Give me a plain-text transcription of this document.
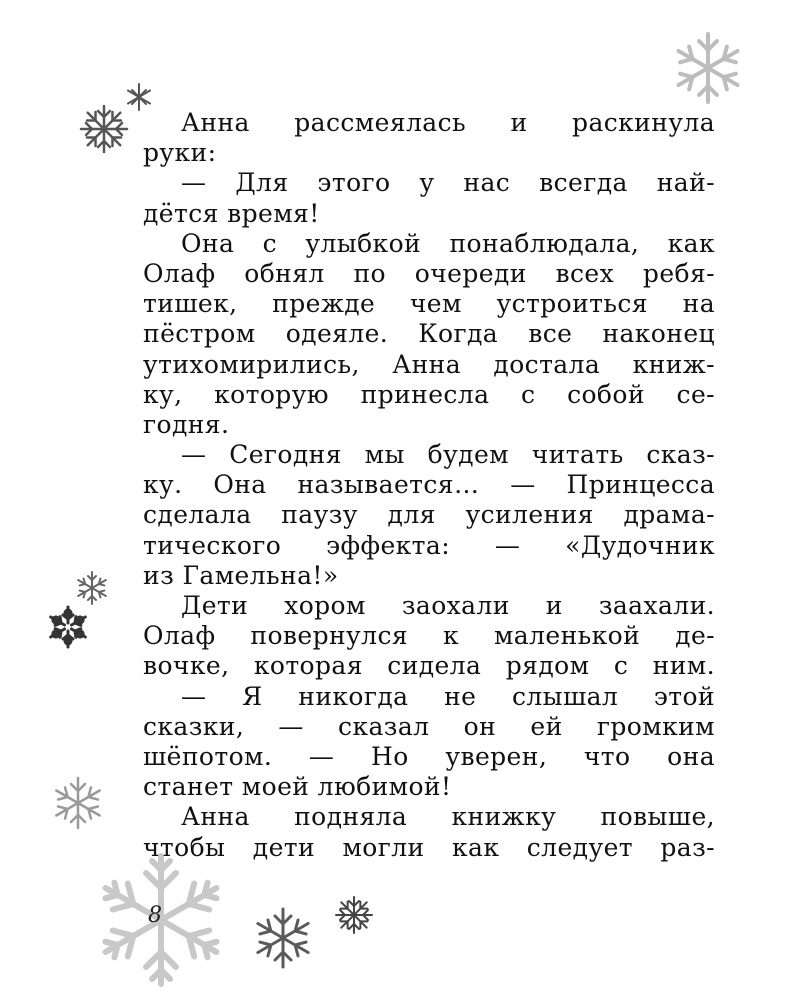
Анна рассмеялась и раскинула
руки:
— Для этого у нас всегда най-
дётся время!
Она с улыбкой понаблюдала, как
Олаф обнял по очереди всех ребя-
тишек, прежде чем устроиться на
пёстром одеяле. Когда все наконец
утихомирились, Анна достала книж-
ку, которую принесла с собой се-
годня.
— Сегодня мы будем читать сказ-
ку. Она называется… — Принцесса
сделала паузу для усиления драма-
тического эффекта: — «Дудочник
из Гамельна!»
Дети хором заохали и заахали.
Олаф повернулся к маленькой де-
вочке, которая сидела рядом с ним.
— Я никогда не слышал этой
сказки, — сказал он ей громким
шёпотом. — Но уверен, что она
станет моей любимой!
Анна подняла книжку повыше,
чтобы дети могли как следует раз-
8
